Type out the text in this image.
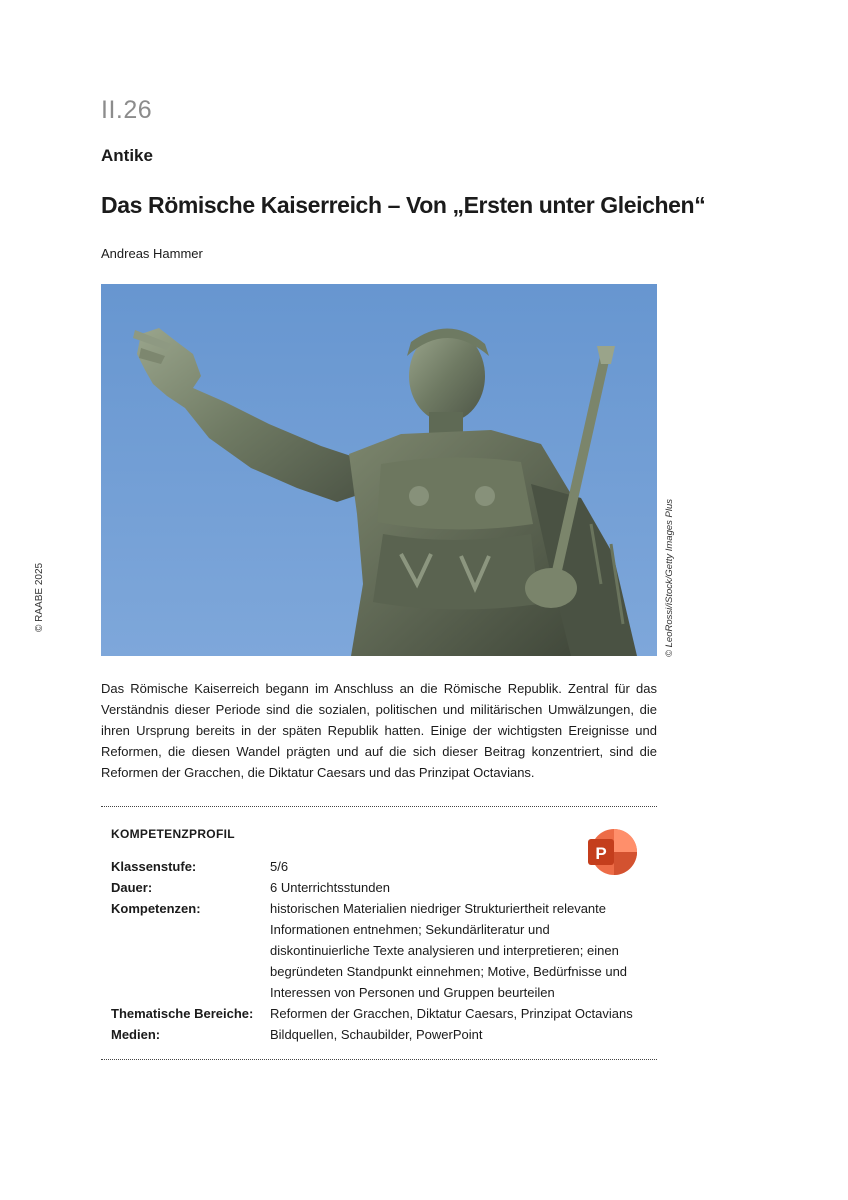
II.26
Antike
Das Römische Kaiserreich – Von „Ersten unter Gleichen“
Andreas Hammer
© RAABE 2025	© LeoRossi/iStock/Getty Images Plus

Das Römische Kaiserreich begann im Anschluss an die Römische Republik. Zentral für das Verständnis dieser Periode sind die sozialen, politischen und militärischen Umwälzungen, die ihren Ursprung bereits in der späten Republik hatten. Einige der wichtigsten Ereignisse und Reformen, die diesen Wandel prägten und auf die sich dieser Beitrag konzentriert, sind die Reformen der Gracchen, die Diktatur Caesars und das Prinzipat Octavians.

KOMPETENZPROFIL
P
Klassenstufe:	5/6
Dauer:	6 Unterrichtsstunden
Kompetenzen:	historischen Materialien niedriger Strukturiertheit relevante Informationen entnehmen; Sekundärliteratur und diskontinuierliche Texte analysieren und interpretieren; einen begründeten Standpunkt einnehmen; Motive, Bedürfnisse und Interessen von Personen und Gruppen beurteilen
Thematische Bereiche:	Reformen der Gracchen, Diktatur Caesars, Prinzipat Octavians
Medien:	Bildquellen, Schaubilder, PowerPoint
